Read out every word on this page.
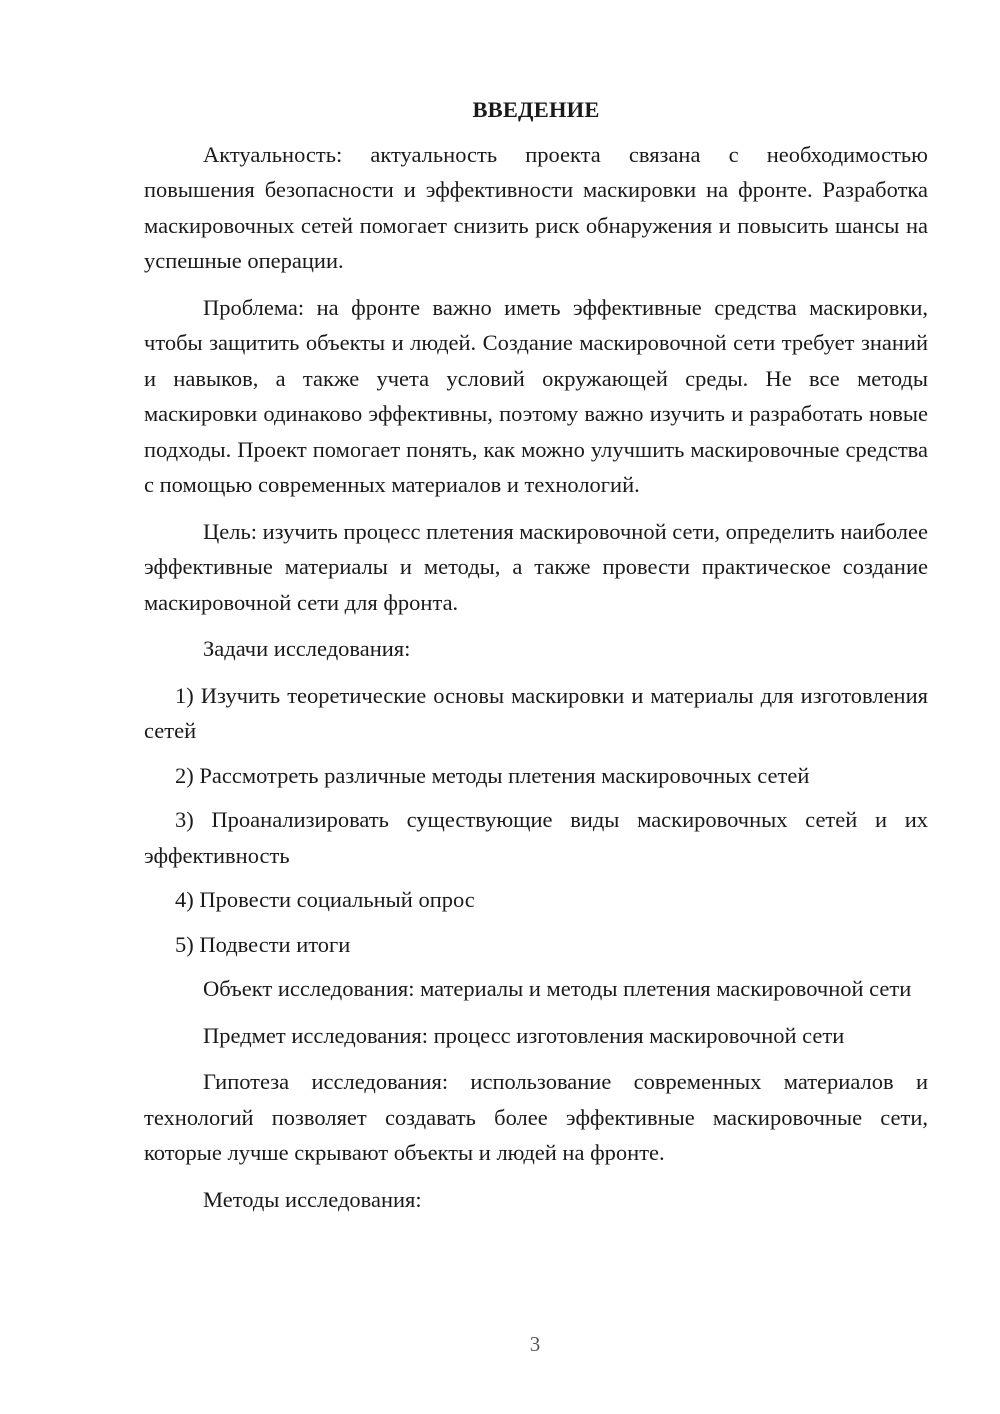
ВВЕДЕНИЕ

Актуальность: актуальность проекта связана с необходимостью повышения безопасности и эффективности маскировки на фронте. Разработка маскировочных сетей помогает снизить риск обнаружения и повысить шансы на успешные операции.

Проблема: на фронте важно иметь эффективные средства маскировки, чтобы защитить объекты и людей. Создание маскировочной сети требует знаний и навыков, а также учета условий окружающей среды. Не все методы маскировки одинаково эффективны, поэтому важно изучить и разработать новые подходы. Проект помогает понять, как можно улучшить маскировочные средства с помощью современных материалов и технологий.

Цель: изучить процесс плетения маскировочной сети, определить наиболее эффективные материалы и методы, а также провести практическое создание маскировочной сети для фронта.

Задачи исследования:

1) Изучить теоретические основы маскировки и материалы для изготовления сетей

2) Рассмотреть различные методы плетения маскировочных сетей

3) Проанализировать существующие виды маскировочных сетей и их эффективность

4) Провести социальный опрос

5) Подвести итоги

Объект исследования: материалы и методы плетения маскировочной сети

Предмет исследования: процесс изготовления маскировочной сети

Гипотеза исследования: использование современных материалов и технологий позволяет создавать более эффективные маскировочные сети, которые лучше скрывают объекты и людей на фронте.

Методы исследования:

3
